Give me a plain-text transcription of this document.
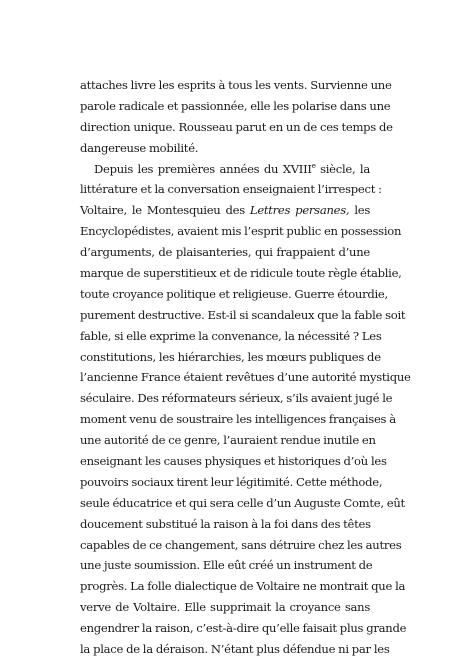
attaches livre les esprits à tous les vents. Survienne une
parole radicale et passionnée, elle les polarise dans une
direction unique. Rousseau parut en un de ces temps de
dangereuse mobilité.
Depuis les premières années du XVIIIe siècle, la
littérature et la conversation enseignaient l’irrespect :
Voltaire, le Montesquieu des Lettres persanes, les
Encyclopédistes, avaient mis l’esprit public en possession
d’arguments, de plaisanteries, qui frappaient d’une
marque de superstitieux et de ridicule toute règle établie,
toute croyance politique et religieuse. Guerre étourdie,
purement destructive. Est-il si scandaleux que la fable soit
fable, si elle exprime la convenance, la nécessité ? Les
constitutions, les hiérarchies, les mœurs publiques de
l’ancienne France étaient revêtues d’une autorité mystique
séculaire. Des réformateurs sérieux, s’ils avaient jugé le
moment venu de soustraire les intelligences françaises à
une autorité de ce genre, l’auraient rendue inutile en
enseignant les causes physiques et historiques d’où les
pouvoirs sociaux tirent leur légitimité. Cette méthode,
seule éducatrice et qui sera celle d’un Auguste Comte, eût
doucement substitué la raison à la foi dans des têtes
capables de ce changement, sans détruire chez les autres
une juste soumission. Elle eût créé un instrument de
progrès. La folle dialectique de Voltaire ne montrait que la
verve de Voltaire. Elle supprimait la croyance sans
engendrer la raison, c’est-à-dire qu’elle faisait plus grande
la place de la déraison. N’étant plus défendue ni par les
